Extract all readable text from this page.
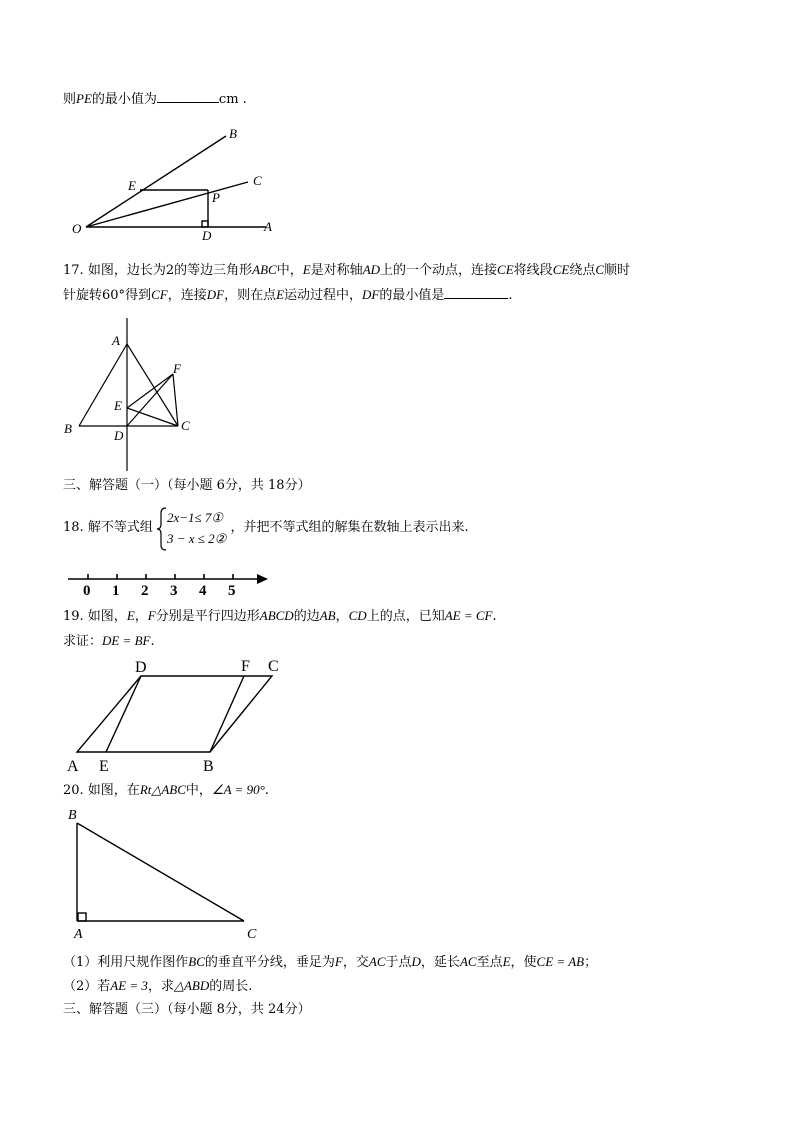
则PE的最小值为	cm .
B
C
E
P
O	D
A
17. 如图，边长为2的等边三角形ABC中，E是对称轴AD上的一个动点，连接CE将线段CE绕点C顺时
针旋转60°得到CF，连接DF，则在点E运动过程中，DF的最小值是	.
A
F
E
B	D
C
三、解答题（一）（每小题 6分，共 18分）
18. 解不等式组
2x−1≤ 7①
3 − x ≤ 2②
，并把不等式组的解集在数轴上表示出来.
0 1 2 3 4 5
19. 如图，E，F分别是平行四边形ABCD的边AB，CD上的点，已知AE = CF.
求证：DE = BF.
D	F C
A E	B
20. 如图，在Rt△ABC中，∠A = 90°.
B
A	C
（1）利用尺规作图作BC的垂直平分线，垂足为F，交AC于点D，延长AC至点E，使CE = AB；
（2）若AE = 3，求△ABD的周长.
三、解答题（三）（每小题 8分，共 24分）
